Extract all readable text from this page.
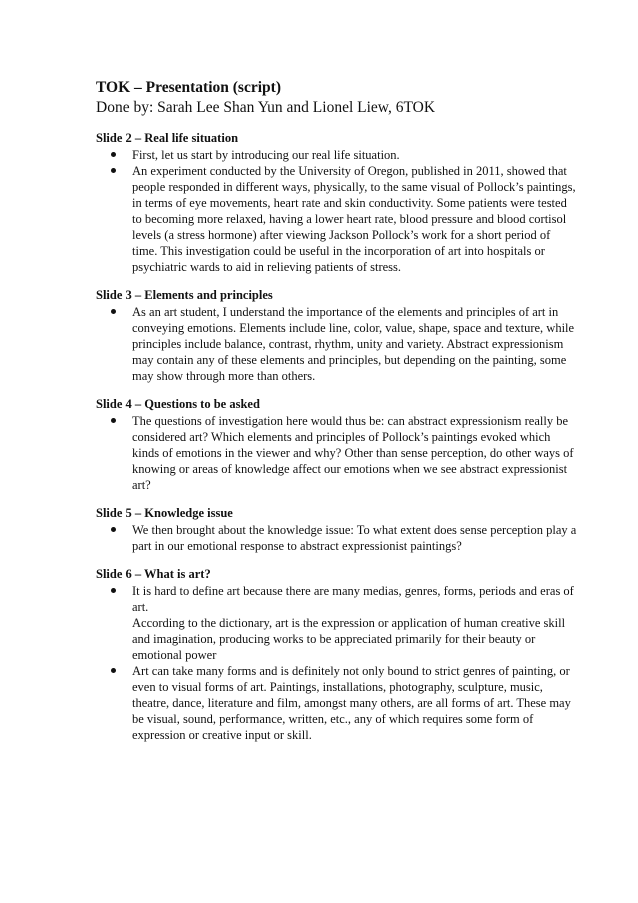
TOK – Presentation (script)

Done by: Sarah Lee Shan Yun and Lionel Liew, 6TOK

Slide 2 – Real life situation
First, let us start by introducing our real life situation.
An experiment conducted by the University of Oregon, published in 2011, showed that people responded in different ways, physically, to the same visual of Pollock’s paintings, in terms of eye movements, heart rate and skin conductivity. Some patients were tested to becoming more relaxed, having a lower heart rate, blood pressure and blood cortisol levels (a stress hormone) after viewing Jackson Pollock’s work for a short period of time. This investigation could be useful in the incorporation of art into hospitals or psychiatric wards to aid in relieving patients of stress.
Slide 3 – Elements and principles
As an art student, I understand the importance of the elements and principles of art in conveying emotions. Elements include line, color, value, shape, space and texture, while principles include balance, contrast, rhythm, unity and variety. Abstract expressionism may contain any of these elements and principles, but depending on the painting, some may show through more than others.
Slide 4 – Questions to be asked
The questions of investigation here would thus be: can abstract expressionism really be considered art? Which elements and principles of Pollock’s paintings evoked which kinds of emotions in the viewer and why? Other than sense perception, do other ways of knowing or areas of knowledge affect our emotions when we see abstract expressionist art?
Slide 5 – Knowledge issue
We then brought about the knowledge issue: To what extent does sense perception play a part in our emotional response to abstract expressionist paintings?
Slide 6 – What is art?
It is hard to define art because there are many medias, genres, forms, periods and eras of art.
According to the dictionary, art is the expression or application of human creative skill and imagination, producing works to be appreciated primarily for their beauty or emotional power
Art can take many forms and is definitely not only bound to strict genres of painting, or even to visual forms of art. Paintings, installations, photography, sculpture, music, theatre, dance, literature and film, amongst many others, are all forms of art. These may be visual, sound, performance, written, etc., any of which requires some form of expression or creative input or skill.
